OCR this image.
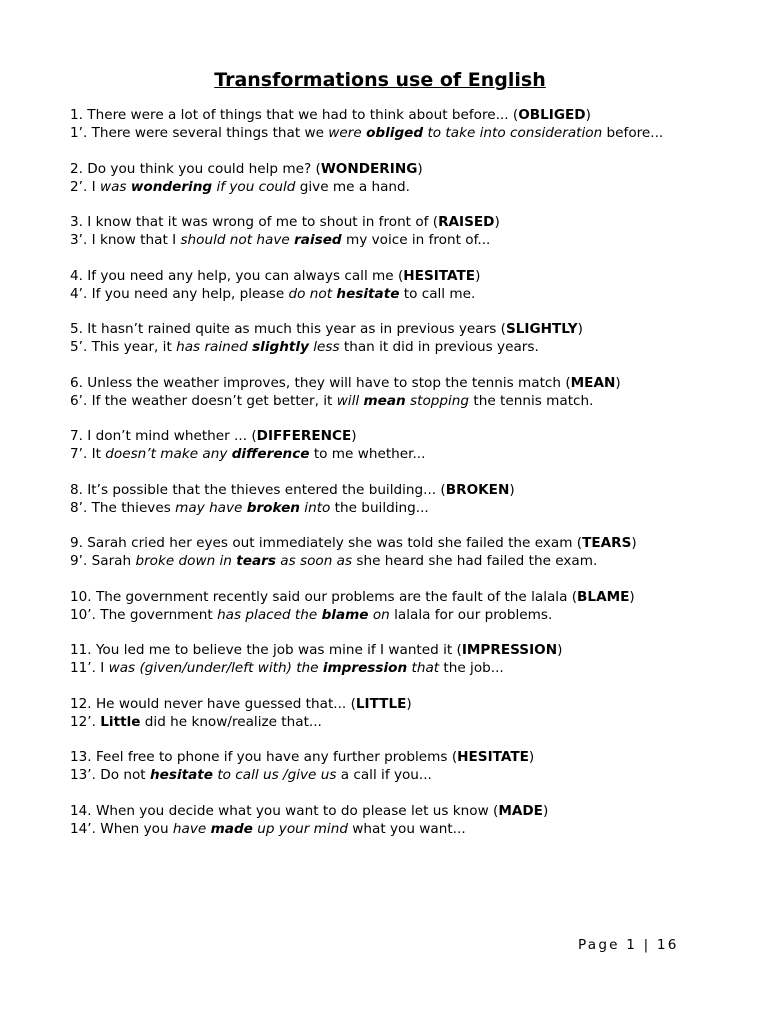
Transformations use of English
1. There were a lot of things that we had to think about before... (OBLIGED)
1’. There were several things that we were obliged to take into consideration before...
2. Do you think you could help me? (WONDERING)
2’. I was wondering if you could give me a hand.
3. I know that it was wrong of me to shout in front of (RAISED)
3’. I know that I should not have raised my voice in front of...
4. If you need any help, you can always call me (HESITATE)
4’. If you need any help, please do not hesitate to call me.
5. It hasn’t rained quite as much this year as in previous years (SLIGHTLY)
5’. This year, it has rained slightly less than it did in previous years.
6. Unless the weather improves, they will have to stop the tennis match (MEAN)
6’. If the weather doesn’t get better, it will mean stopping the tennis match.
7. I don’t mind whether ... (DIFFERENCE)
7’. It doesn’t make any difference to me whether...
8. It’s possible that the thieves entered the building... (BROKEN)
8’. The thieves may have broken into the building...
9. Sarah cried her eyes out immediately she was told she failed the exam (TEARS)
9’. Sarah broke down in tears as soon as she heard she had failed the exam.
10. The government recently said our problems are the fault of the lalala (BLAME)
10’. The government has placed the blame on lalala for our problems.
11. You led me to believe the job was mine if I wanted it (IMPRESSION)
11’. I was (given/under/left with) the impression that the job...
12. He would never have guessed that... (LITTLE)
12’. Little did he know/realize that...
13. Feel free to phone if you have any further problems (HESITATE)
13’. Do not hesitate to call us /give us a call if you...
14. When you decide what you want to do please let us know (MADE)
14’. When you have made up your mind what you want...
Page 1 | 16
